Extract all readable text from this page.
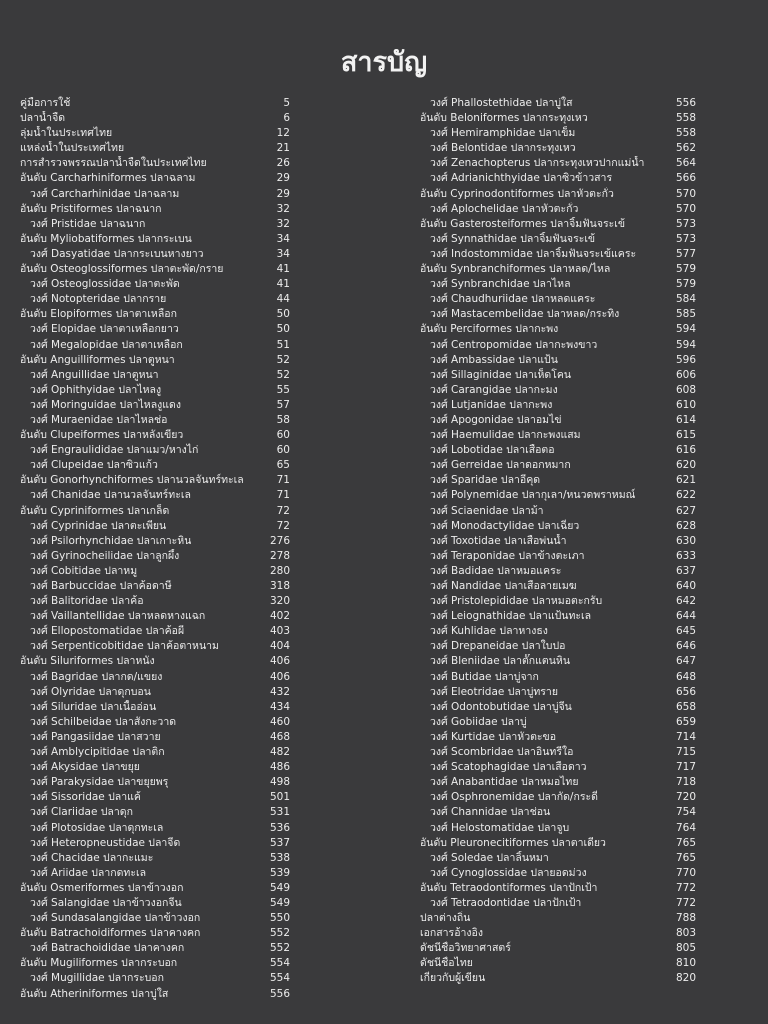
สารบัญ
คู่มือการใช้	5
ปลาน้ำจืด	6
ลุ่มน้ำในประเทศไทย	12
แหล่งน้ำในประเทศไทย	21
การสำรวจพรรณปลาน้ำจืดในประเทศไทย	26
อันดับ Carcharhiniformes ปลาฉลาม	29
วงศ์ Carcharhinidae ปลาฉลาม	29
อันดับ Pristiformes ปลาฉนาก	32
วงศ์ Pristidae ปลาฉนาก	32
อันดับ Myliobatiformes ปลากระเบน	34
วงศ์ Dasyatidae ปลากระเบนหางยาว	34
อันดับ Osteoglossiformes ปลาตะพัด/กราย	41
วงศ์ Osteoglossidae ปลาตะพัด	41
วงศ์ Notopteridae ปลากราย	44
อันดับ Elopiformes ปลาตาเหลือก	50
วงศ์ Elopidae ปลาตาเหลือกยาว	50
วงศ์ Megalopidae ปลาตาเหลือก	51
อันดับ Anguilliformes ปลาตูหนา	52
วงศ์ Anguillidae ปลาตูหนา	52
วงศ์ Ophithyidae ปลาไหลงู	55
วงศ์ Moringuidae ปลาไหลงูแดง	57
วงศ์ Muraenidae ปลาไหลช่อ	58
อันดับ Clupeiformes ปลาหลังเขียว	60
วงศ์ Engraulididae ปลาแมว/หางไก่	60
วงศ์ Clupeidae ปลาซิวแก้ว	65
อันดับ Gonorhynchiformes ปลานวลจันทร์ทะเล	71
วงศ์ Chanidae ปลานวลจันทร์ทะเล	71
อันดับ Cypriniformes ปลาเกล็ด	72
วงศ์ Cyprinidae ปลาตะเพียน	72
วงศ์ Psilorhynchidae ปลาเกาะหิน	276
วงศ์ Gyrinocheilidae ปลาลูกผึ้ง	278
วงศ์ Cobitidae ปลาหมู	280
วงศ์ Barbuccidae ปลาค้อดาษี	318
วงศ์ Balitoridae ปลาค้อ	320
วงศ์ Vaillantellidae ปลาหลดหางแฉก	402
วงศ์ Ellopostomatidae ปลาค้อผี	403
วงศ์ Serpenticobitidae ปลาค้อตาหนาม	404
อันดับ Siluriformes ปลาหนัง	406
วงศ์ Bagridae ปลากด/แขยง	406
วงศ์ Olyridae ปลาดุกบอน	432
วงศ์ Siluridae ปลาเนื้ออ่อน	434
วงศ์ Schilbeidae ปลาสังกะวาด	460
วงศ์ Pangasiidae ปลาสวาย	468
วงศ์ Amblycipitidae ปลาติก	482
วงศ์ Akysidae ปลาขยุย	486
วงศ์ Parakysidae ปลาขยุยพรุ	498
วงศ์ Sissoridae ปลาแค้	501
วงศ์ Clariidae ปลาดุก	531
วงศ์ Plotosidae ปลาดุกทะเล	536
วงศ์ Heteropneustidae ปลาจีด	537
วงศ์ Chacidae ปลากะแมะ	538
วงศ์ Ariidae ปลากดทะเล	539
อันดับ Osmeriformes ปลาข้าวงอก	549
วงศ์ Salangidae ปลาข้าวงอกจีน	549
วงศ์ Sundasalangidae ปลาข้าวงอก	550
อันดับ Batrachoidiformes ปลาคางคก	552
วงศ์ Batrachoididae ปลาคางคก	552
อันดับ Mugiliformes ปลากระบอก	554
วงศ์ Mugillidae ปลากระบอก	554
อันดับ Atheriniformes ปลาบู่ใส	556
วงศ์ Phallostethidae ปลาบู่ใส	556
อันดับ Beloniformes ปลากระทุงเหว	558
วงศ์ Hemiramphidae ปลาเข็ม	558
วงศ์ Belontidae ปลากระทุงเหว	562
วงศ์ Zenachopterus ปลากระทุงเหวปากแม่น้ำ	564
วงศ์ Adrianichthyidae ปลาซิวข้าวสาร	566
อันดับ Cyprinodontiformes ปลาหัวตะกั่ว	570
วงศ์ Aplochelidae ปลาหัวตะกั่ว	570
อันดับ Gasterosteiformes ปลาจิ้มฟันจระเข้	573
วงศ์ Synnathidae ปลาจิ้มฟันจระเข้	573
วงศ์ Indostommidae ปลาจิ้มฟันจระเข้แคระ	577
อันดับ Synbranchiformes ปลาหลด/ไหล	579
วงศ์ Synbranchidae ปลาไหล	579
วงศ์ Chaudhuriidae ปลาหลดแคระ	584
วงศ์ Mastacembelidae ปลาหลด/กระทิง	585
อันดับ Perciformes ปลากะพง	594
วงศ์ Centropomidae ปลากะพงขาว	594
วงศ์ Ambassidae ปลาแป้น	596
วงศ์ Sillaginidae ปลาเห็ดโคน	606
วงศ์ Carangidae ปลากะมง	608
วงศ์ Lutjanidae ปลากะพง	610
วงศ์ Apogonidae ปลาอมไข่	614
วงศ์ Haemulidae ปลากะพงแสม	615
วงศ์ Lobotidae ปลาเสือตอ	616
วงศ์ Gerreidae ปลาดอกหมาก	620
วงศ์ Sparidae ปลาอีคุด	621
วงศ์ Polynemidae ปลากุเลา/หนวดพราหมณ์	622
วงศ์ Sciaenidae ปลาม้า	627
วงศ์ Monodactylidae ปลาเฉี่ยว	628
วงศ์ Toxotidae ปลาเสือพ่นน้ำ	630
วงศ์ Teraponidae ปลาข้างตะเภา	633
วงศ์ Badidae ปลาหมอแคระ	637
วงศ์ Nandidae ปลาเสือลายเมฆ	640
วงศ์ Pristolepididae ปลาหมอตะกรับ	642
วงศ์ Leiognathidae ปลาแป้นทะเล	644
วงศ์ Kuhlidae ปลาหางธง	645
วงศ์ Drepaneidae ปลาใบปอ	646
วงศ์ Bleniidae ปลาตั๊กแตนหิน	647
วงศ์ Butidae ปลาบู่จาก	648
วงศ์ Eleotridae ปลาบู่ทราย	656
วงศ์ Odontobutidae ปลาบู่จีน	658
วงศ์ Gobiidae ปลาบู่	659
วงศ์ Kurtidae ปลาหัวตะขอ	714
วงศ์ Scombridae ปลาอินทรีใอ	715
วงศ์ Scatophagidae ปลาเสือดาว	717
วงศ์ Anabantidae ปลาหมอไทย	718
วงศ์ Osphronemidae ปลากัด/กระดี่	720
วงศ์ Channidae ปลาช่อน	754
วงศ์ Helostomatidae ปลาจูบ	764
อันดับ Pleuronecitiformes ปลาตาเดียว	765
วงศ์ Soledae ปลาลิ้นหมา	765
วงศ์ Cynoglossidae ปลายอดม่วง	770
อันดับ Tetraodontiformes ปลาปักเป้า	772
วงศ์ Tetraodontidae ปลาปักเป้า	772
ปลาต่างถิ่น	788
เอกสารอ้างอิง	803
ดัชนีชื่อวิทยาศาสตร์	805
ดัชนีชื่อไทย	810
เกี่ยวกับผู้เขียน	820
